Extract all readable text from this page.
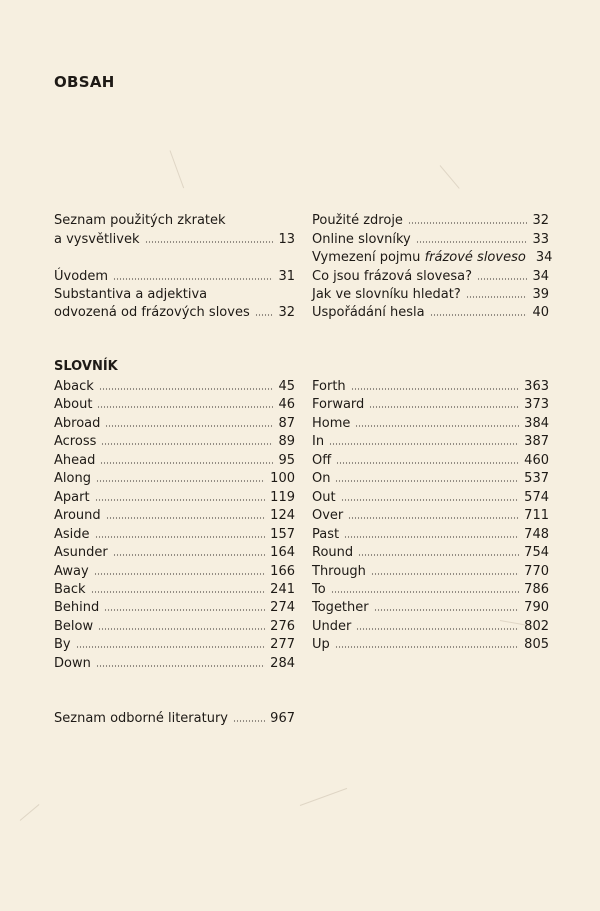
OBSAH
Seznam použitých zkratek
a vysvětlivek	13
Úvodem	31
Substantiva a adjektiva
odvozená od frázových sloves 32
Použité zdroje	32
Online slovníky	33
Vymezení pojmu frázové sloveso 34
Co jsou frázová slovesa?	34
Jak ve slovníku hledat?	39
Uspořádání hesla	40
SLOVNÍK
Aback	45
About	46
Abroad	87
Across	89
Ahead	95
Along	100
Apart	119
Around	124
Aside	157
Asunder	164
Away	166
Back	241
Behind	274
Below	276
By	277
Down	284
Forth	363
Forward	373
Home	384
In	387
Off	460
On	537
Out	574
Over	711
Past	748
Round	754
Through	770
To	786
Together	790
Under	802
Up	805
Seznam odborné literatury	967
